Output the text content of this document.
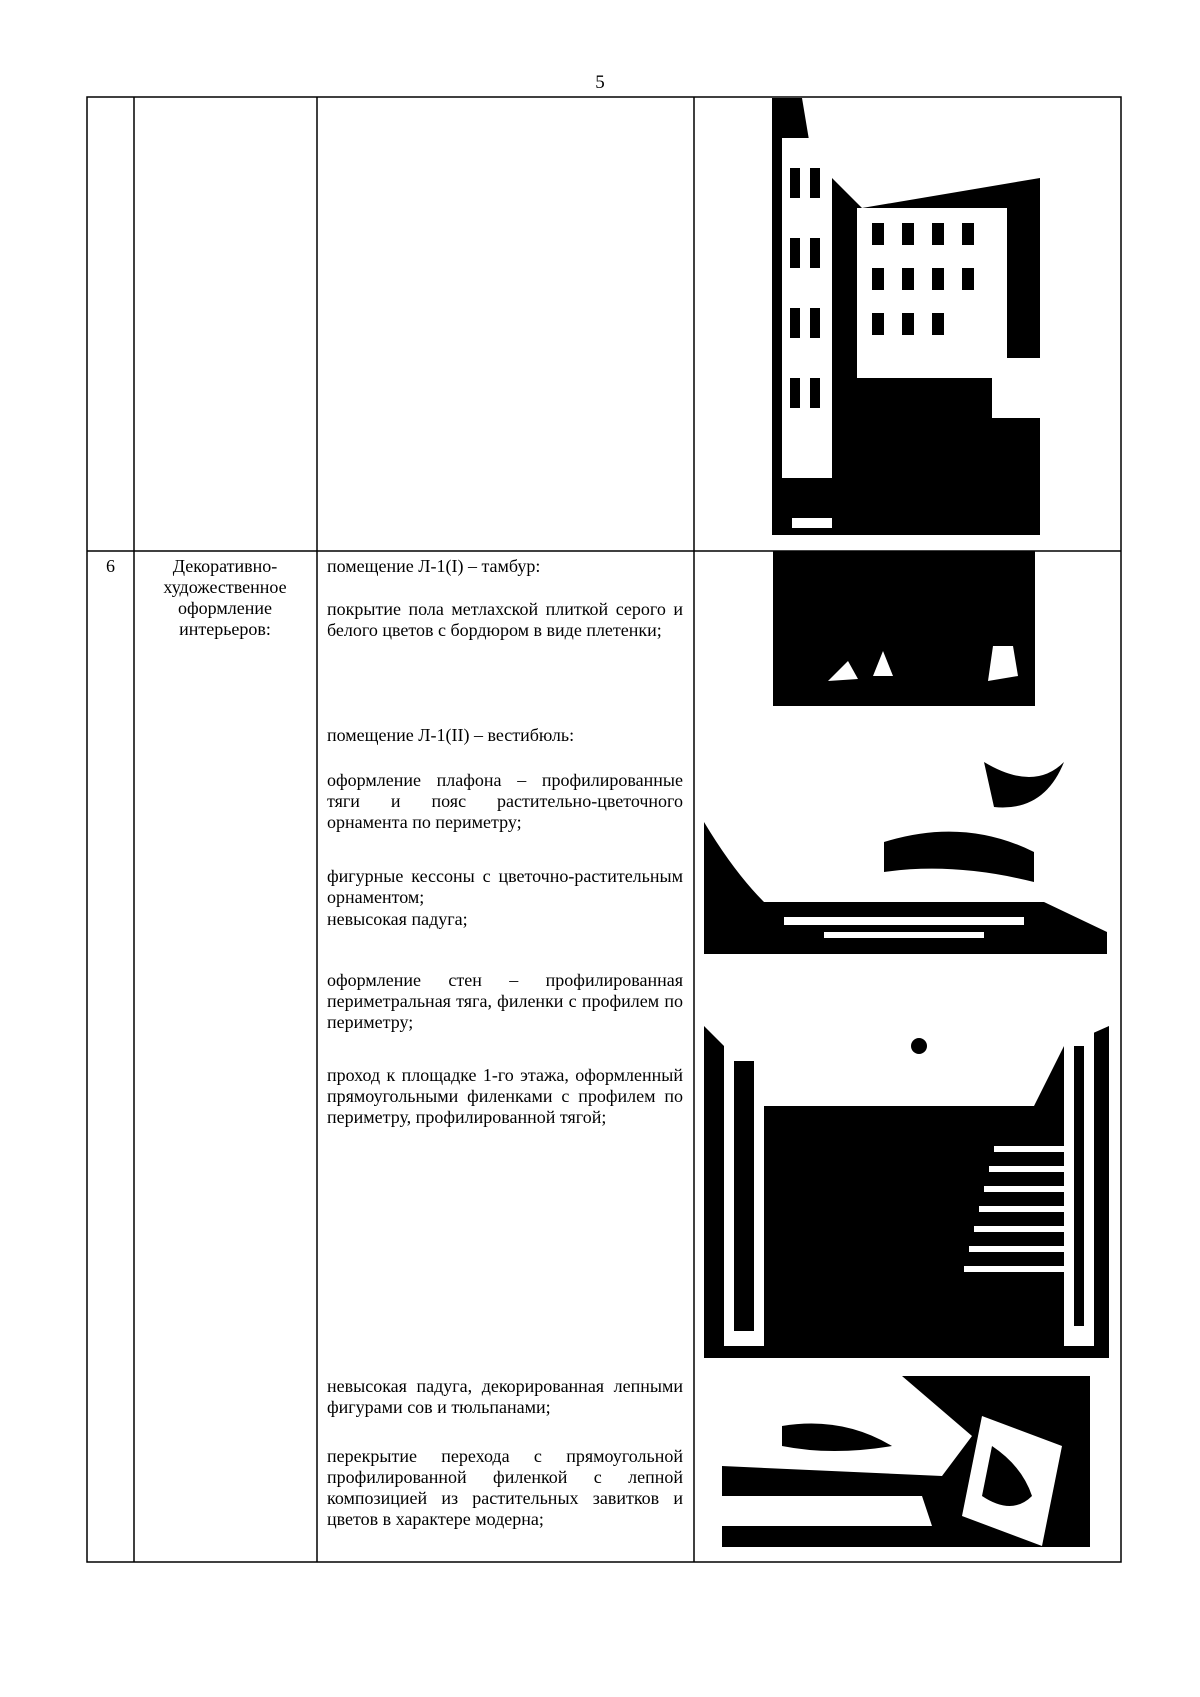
5
6	Декоративно-художественное оформление интерьеров:
помещение Л-1(I) – тамбур:
покрытие пола метлахской плиткой серого и белого цветов с бордюром в виде плетенки;
помещение Л-1(II) – вестибюль:
оформление плафона – профилированные тяги и пояс растительно-цветочного орнамента по периметру;
фигурные кессоны с цветочно-растительным орнаментом;
невысокая падуга;
оформление стен – профилированная периметральная тяга, филенки с профилем по периметру;
проход к площадке 1-го этажа, оформленный прямоугольными филенками с профилем по периметру, профилированной тягой;
невысокая падуга, декорированная лепными фигурами сов и тюльпанами;
перекрытие перехода с прямоугольной профилированной филенкой с лепной композицией из растительных завитков и цветов в характере модерна;
